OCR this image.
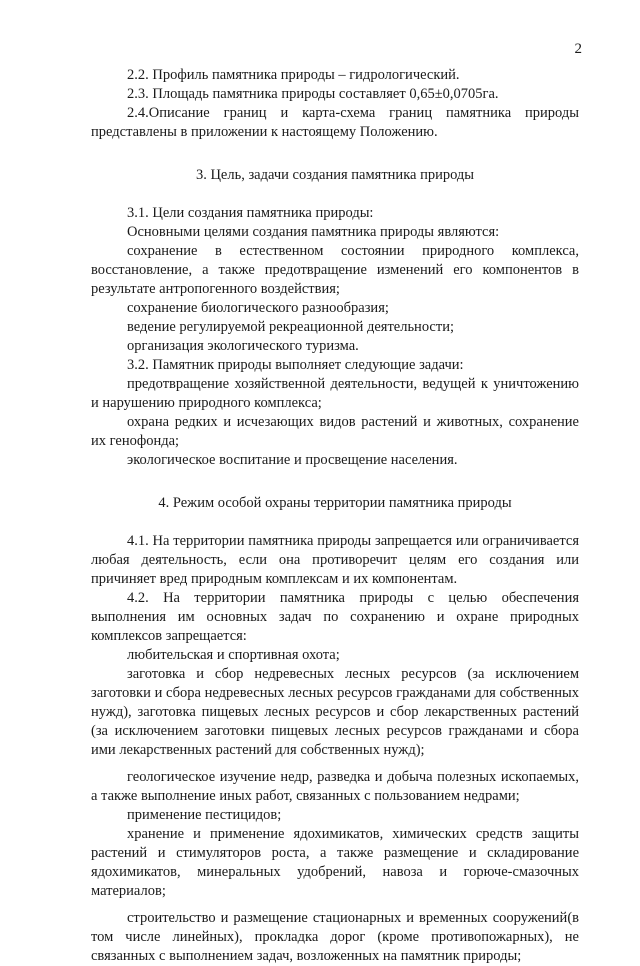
2

2.2. Профиль памятника природы – гидрологический.

2.3. Площадь памятника природы составляет 0,65±0,0705га.

2.4.Описание границ и карта-схема границ памятника природы представлены в приложении к настоящему Положению.

3. Цель, задачи создания памятника природы

3.1. Цели создания памятника природы:

Основными целями создания памятника природы являются:

сохранение в естественном состоянии природного комплекса, восстановление, а также предотвращение изменений его компонентов в результате антропогенного воздействия;

сохранение биологического разнообразия;

ведение регулируемой рекреационной деятельности;

организация экологического туризма.

3.2. Памятник природы выполняет следующие задачи:

предотвращение хозяйственной деятельности, ведущей к уничтожению и нарушению природного комплекса;

охрана редких и исчезающих видов растений и животных, сохранение их генофонда;

экологическое воспитание и просвещение населения.

4. Режим особой охраны территории памятника природы

4.1. На территории памятника природы запрещается или ограничивается любая деятельность, если она противоречит целям его создания или причиняет вред природным комплексам и их компонентам.

4.2. На территории памятника природы с целью обеспечения выполнения им основных задач по сохранению и охране природных комплексов запрещается:

любительская и спортивная охота;

заготовка и сбор недревесных лесных ресурсов (за исключением заготовки и сбора недревесных лесных ресурсов гражданами для собственных нужд), заготовка пищевых лесных ресурсов и сбор лекарственных растений (за исключением заготовки пищевых лесных ресурсов гражданами и сбора ими лекарственных растений для собственных нужд);

геологическое изучение недр, разведка и добыча полезных ископаемых, а также выполнение иных работ, связанных с пользованием недрами;

применение пестицидов;

хранение и применение ядохимикатов, химических средств защиты растений и стимуляторов роста, а также размещение и складирование ядохимикатов, минеральных удобрений, навоза и горюче-смазочных материалов;

строительство и размещение стационарных и временных сооружений(в том числе линейных), прокладка дорог (кроме противопожарных), не связанных с выполнением задач, возложенных на памятник природы;
